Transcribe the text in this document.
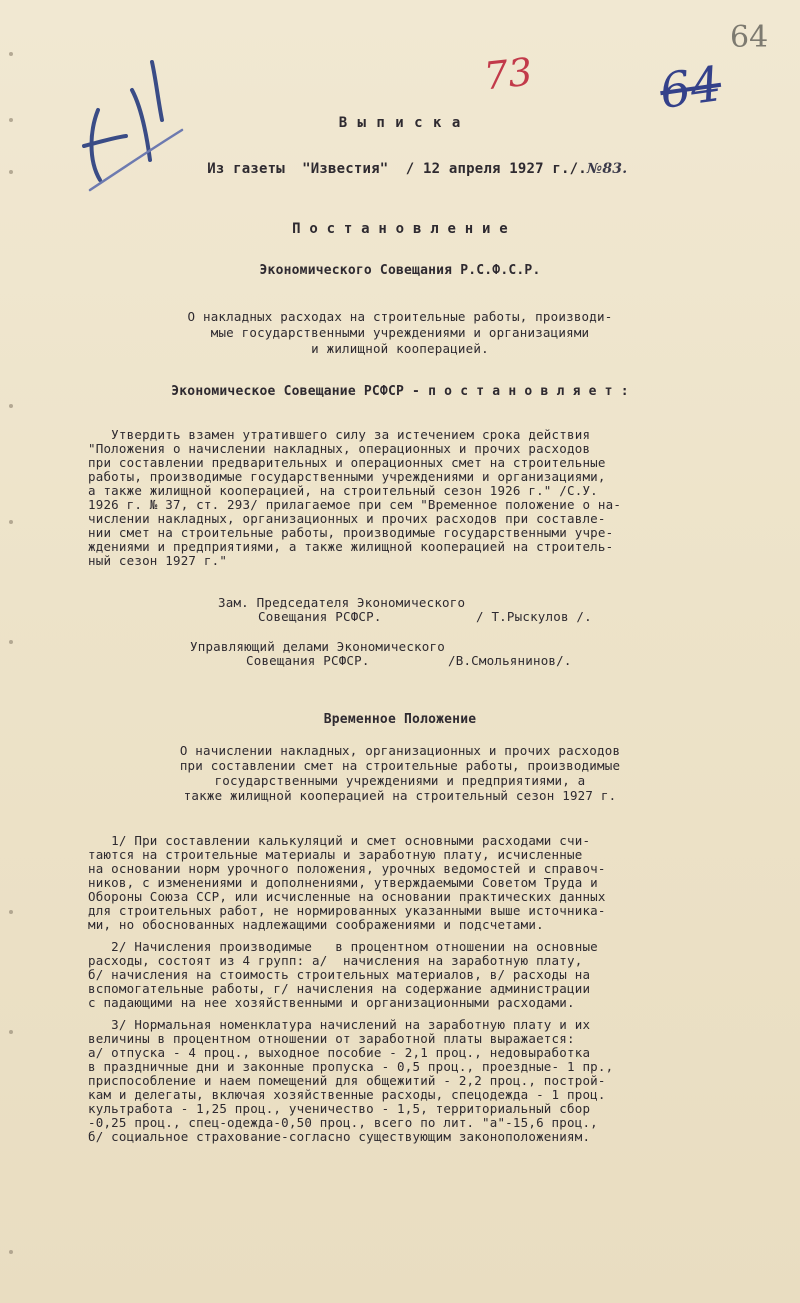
73	64
64
В ы п и с к а

Из газеты  "Известия"  / 12 апреля 1927 г./.№83.

П о с т а н о в л е н и е
Экономического Совещания Р.С.Ф.С.Р.
О накладных расходах на строительные работы, производи-
мые государственными учреждениями и организациями
и жилищной кооперацией.
Экономическое Совещание РСФСР - п о с т а н о в л я е т :
Утвердить взамен утратившего силу за истечением срока действия
"Положения о начислении накладных, операционных и прочих расходов
при составлении предварительных и операционных смет на строительные
работы, производимые государственными учреждениями и организациями,
а также жилищной кооперацией, на строительный сезон 1926 г." /С.У.
1926 г. № 37, ст. 293/ прилагаемое при сем "Временное положение о на-
числении накладных, организационных и прочих расходов при составле-
нии смет на строительные работы, производимые государственными учре-
ждениями и предприятиями, а также жилищной кооперацией на строитель-
ный сезон 1927 г."
Зам. Председателя Экономического
Совещания РСФСР.	/ Т.Рыскулов /.
Управляющий делами Экономического
Совещания РСФСР.	/В.Смольянинов/.
Временное Положение
О начислении накладных, организационных и прочих расходов
при составлении смет на строительные работы, производимые
государственными учреждениями и предприятиями, а
также жилищной кооперацией на строительный сезон 1927 г.
1/ При составлении калькуляций и смет основными расходами счи-
таются на строительные материалы и заработную плату, исчисленные
на основании норм урочного положения, урочных ведомостей и справоч-
ников, с изменениями и дополнениями, утверждаемыми Советом Труда и
Обороны Союза ССР, или исчисленные на основании практических данных
для строительных работ, не нормированных указанными выше источника-
ми, но обоснованных надлежащими соображениями и подсчетами.
2/ Начисления производимые   в процентном отношении на основные
расходы, состоят из 4 групп: а/  начисления на заработную плату,
б/ начисления на стоимость строительных материалов, в/ расходы на
вспомогательные работы, г/ начисления на содержание администрации
с падающими на нее хозяйственными и организационными расходами.
3/ Нормальная номенклатура начислений на заработную плату и их
величины в процентном отношении от заработной платы выражается:
а/ отпуска - 4 проц., выходное пособие - 2,1 проц., недовыработка
в праздничные дни и законные пропуска - 0,5 проц., проездные- 1 пр.,
приспособление и наем помещений для общежитий - 2,2 проц., построй-
кам и делегаты, включая хозяйственные расходы, спецодежда - 1 проц.
культработа - 1,25 проц., ученичество - 1,5, территориальный сбор
-0,25 проц., спец-одежда-0,50 проц., всего по лит. "а"-15,6 проц.,
б/ социальное страхование-согласно существующим законоположениям.
